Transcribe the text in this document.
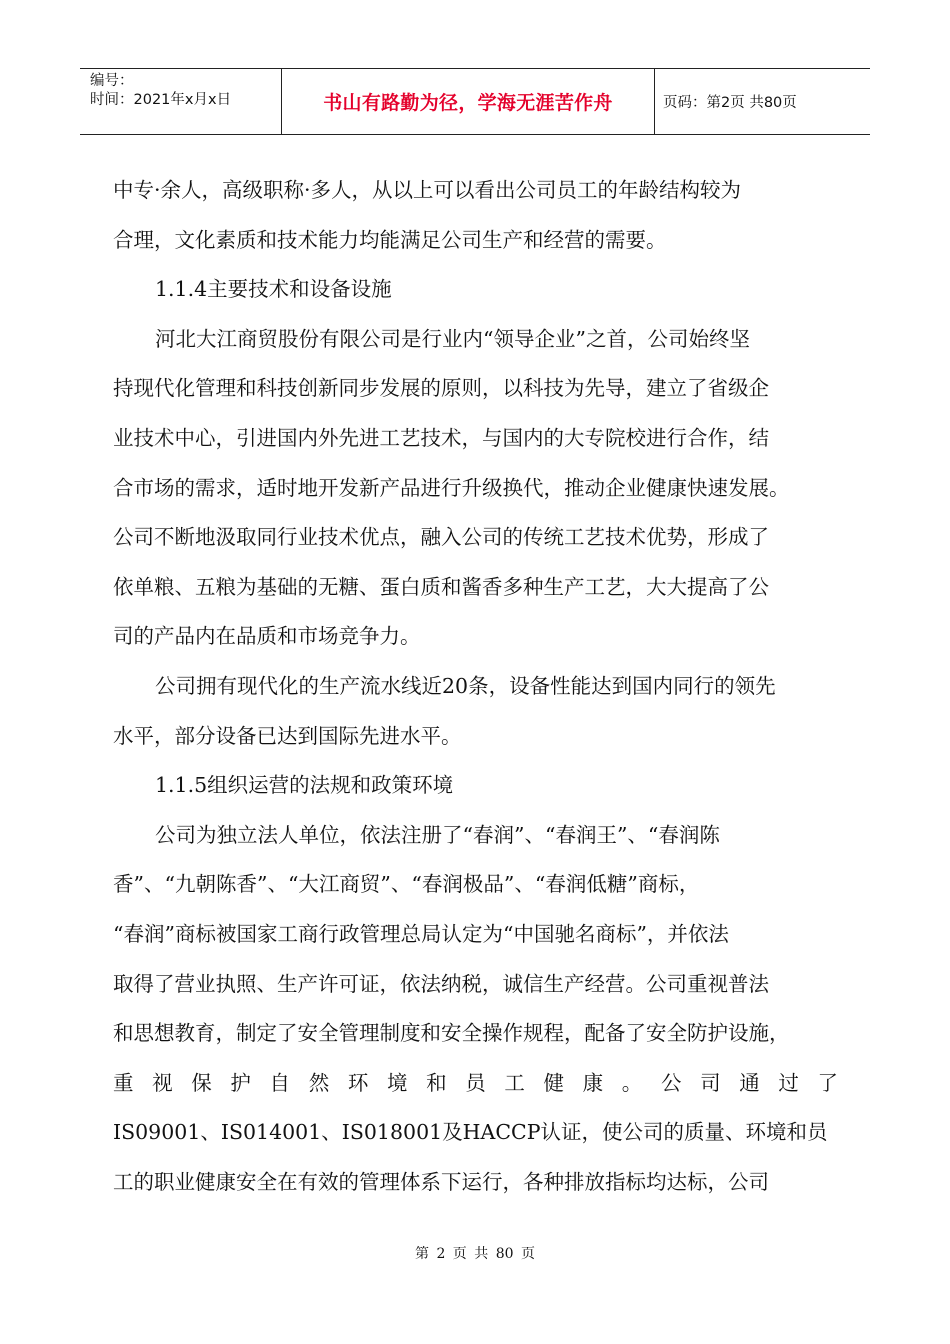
编号：
时间：2021年x月x日	书山有路勤为径，学海无涯苦作舟	页码：第2页 共80页
中专·余人，高级职称·多人，从以上可以看出公司员工的年龄结构较为
合理，文化素质和技术能力均能满足公司生产和经营的需要。
1.1.4主要技术和设备设施
河北大江商贸股份有限公司是行业内“领导企业”之首，公司始终坚
持现代化管理和科技创新同步发展的原则，以科技为先导，建立了省级企
业技术中心，引进国内外先进工艺技术，与国内的大专院校进行合作，结
合市场的需求，适时地开发新产品进行升级换代，推动企业健康快速发展。
公司不断地汲取同行业技术优点，融入公司的传统工艺技术优势，形成了
依单粮、五粮为基础的无糖、蛋白质和酱香多种生产工艺，大大提高了公
司的产品内在品质和市场竞争力。
公司拥有现代化的生产流水线近20条，设备性能达到国内同行的领先
水平，部分设备已达到国际先进水平。
1.1.5组织运营的法规和政策环境
公司为独立法人单位，依法注册了“春润”、“春润王”、“春润陈
香”、“九朝陈香”、“大江商贸”、“春润极品”、“春润低糖”商标，
“春润”商标被国家工商行政管理总局认定为“中国驰名商标”，并依法
取得了营业执照、生产许可证，依法纳税，诚信生产经营。公司重视普法
和思想教育，制定了安全管理制度和安全操作规程，配备了安全防护设施，
重视保护自然环境和员工健康。公司通过了
IS09001、IS014001、IS018001及HACCP认证，使公司的质量、环境和员
工的职业健康安全在有效的管理体系下运行，各种排放指标均达标，公司
第 2 页 共 80 页
